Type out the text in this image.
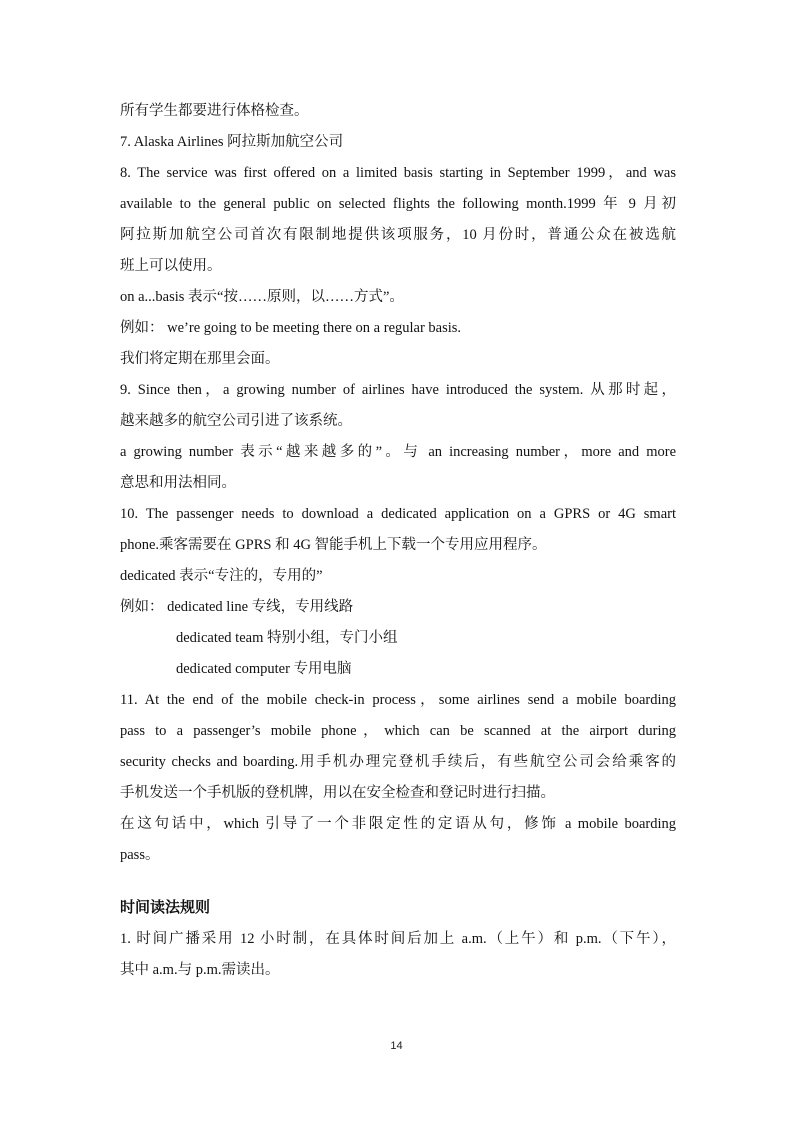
所有学生都要进行体格检查。
7. Alaska Airlines 阿拉斯加航空公司
8. The service was first offered on a limited basis starting in September 1999，and was
available to the general public on selected flights the following month.1999 年 9 月初
阿拉斯加航空公司首次有限制地提供该项服务，10 月份时，普通公众在被选航
班上可以使用。
on a...basis 表示“按……原则，以……方式”。
例如： we’re going to be meeting there on a regular basis.
我们将定期在那里会面。
9. Since then，a growing number of airlines have introduced the system. 从那时起，
越来越多的航空公司引进了该系统。
a growing number 表示“越来越多的”。与 an increasing number，more and more
意思和用法相同。
10. The passenger needs to download a dedicated application on a GPRS or 4G smart
phone.乘客需要在 GPRS 和 4G 智能手机上下载一个专用应用程序。
dedicated 表示“专注的，专用的”
例如： dedicated line 专线，专用线路
dedicated team 特别小组，专门小组
dedicated computer 专用电脑
11. At the end of the mobile check-in process，some airlines send a mobile boarding
pass to a passenger’s mobile phone，which can be scanned at the airport during
security checks and boarding.用手机办理完登机手续后，有些航空公司会给乘客的
手机发送一个手机版的登机牌，用以在安全检查和登记时进行扫描。
在这句话中，which 引导了一个非限定性的定语从句，修饰 a mobile boarding
pass。
时间读法规则
1. 时间广播采用 12 小时制，在具体时间后加上 a.m.（上午）和 p.m.（下午），
其中 a.m.与 p.m.需读出。
14
